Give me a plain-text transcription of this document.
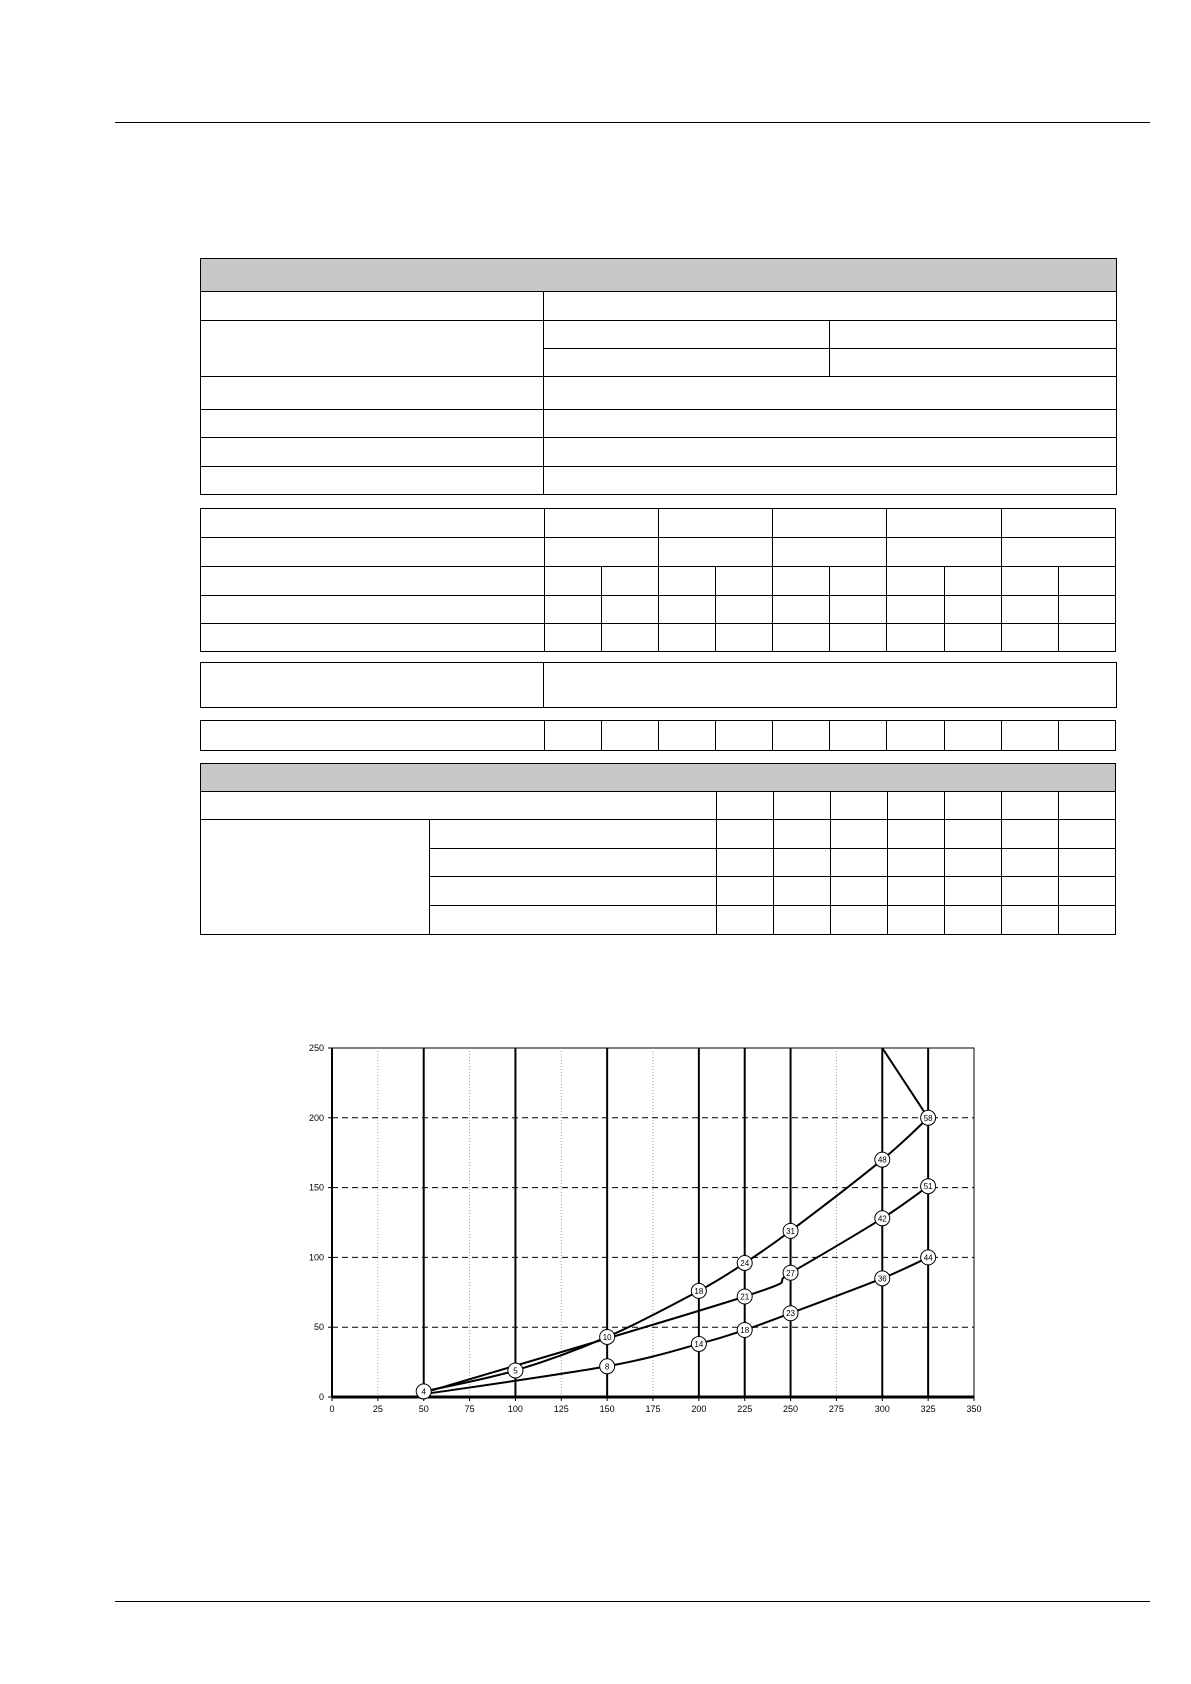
0	25	50	75	100	125	150	175	200	225	250	275	300	325	350
0
50
100
150
200
250
4
5
10
18
24
31
48
58
21
27
42
51
8
14
18
23
36
44
